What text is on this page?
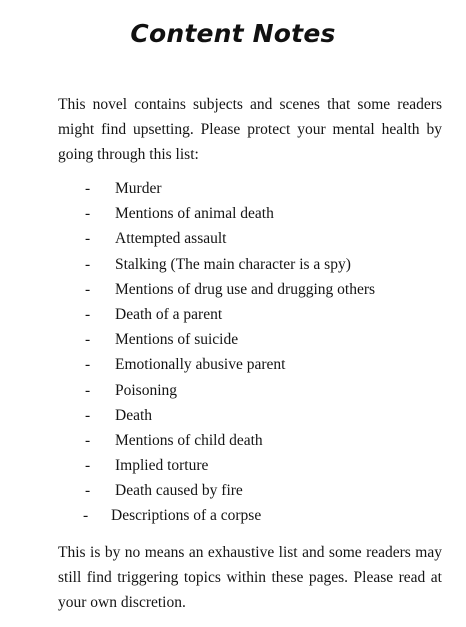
Content Notes
This novel contains subjects and scenes that some readers might find upsetting. Please protect your mental health by going through this list:
- Murder
- Mentions of animal death
- Attempted assault
- Stalking (The main character is a spy)
- Mentions of drug use and drugging others
- Death of a parent
- Mentions of suicide
- Emotionally abusive parent
- Poisoning
- Death
- Mentions of child death
- Implied torture
- Death caused by fire
- Descriptions of a corpse
This is by no means an exhaustive list and some readers may still find triggering topics within these pages. Please read at your own discretion.
